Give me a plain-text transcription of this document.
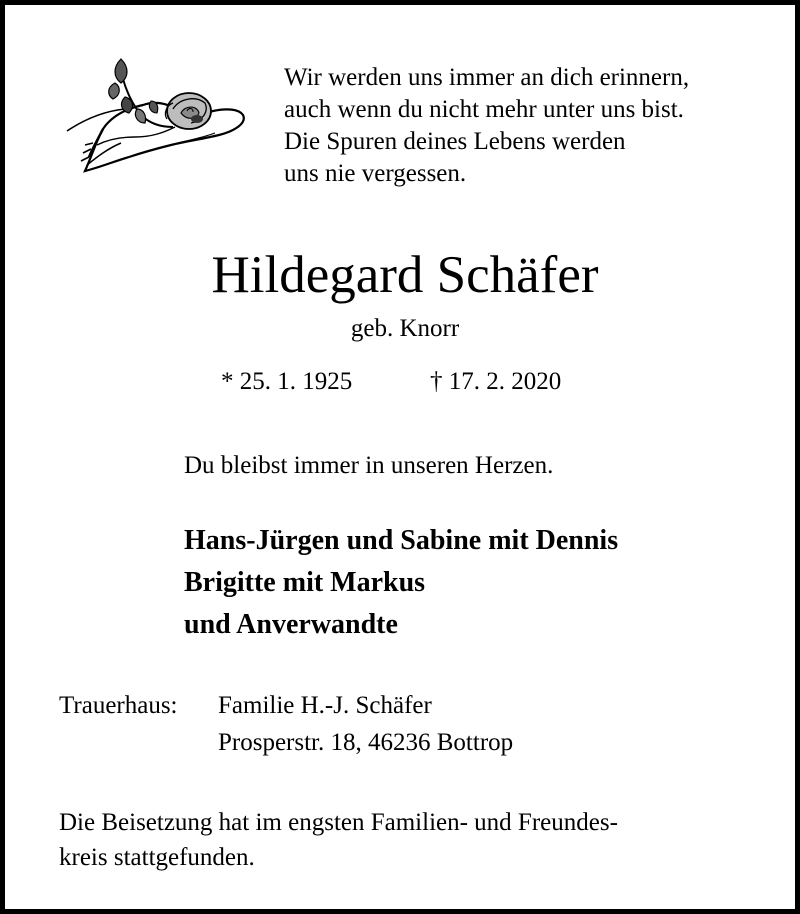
Wir werden uns immer an dich erinnern,
auch wenn du nicht mehr unter uns bist.
Die Spuren deines Lebens werden
uns nie vergessen.
Hildegard Schäfer
geb. Knorr
* 25. 1. 1925	† 17. 2. 2020
Du bleibst immer in unseren Herzen.
Hans-Jürgen und Sabine mit Dennis
Brigitte mit Markus
und Anverwandte
Trauerhaus: Familie H.-J. Schäfer
Prosperstr. 18, 46236 Bottrop
Die Beisetzung hat im engsten Familien- und Freundes-
kreis stattgefunden.
